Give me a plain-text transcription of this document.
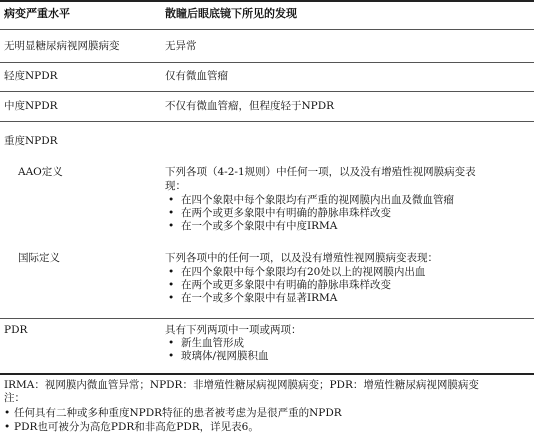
病变严重水平	散瞳后眼底镜下所见的发现
无明显糖尿病视网膜病变	无异常
轻度NPDR	仅有微血管瘤
中度NPDR	不仅有微血管瘤，但程度轻于NPDR
重度NPDR
AAO定义	下列各项（4-2-1规则）中任何一项，以及没有增殖性视网膜病变表
现：
• 在四个象限中每个象限均有严重的视网膜内出血及微血管瘤
• 在两个或更多象限中有明确的静脉串珠样改变
• 在一个或多个象限中有中度IRMA
国际定义	下列各项中的任何一项，以及没有增殖性视网膜病变表现：
• 在四个象限中每个象限均有20处以上的视网膜内出血
• 在两个或更多象限中有明确的静脉串珠样改变
• 在一个或多个象限中有显著IRMA
PDR	具有下列两项中一项或两项：
• 新生血管形成
• 玻璃体/视网膜积血
IRMA：视网膜内微血管异常；NPDR：非增殖性糖尿病视网膜病变；PDR：增殖性糖尿病视网膜病变
注：
• 任何具有二种或多种重度NPDR特征的患者被考虑为是很严重的NPDR
• PDR也可被分为高危PDR和非高危PDR，详见表6。
